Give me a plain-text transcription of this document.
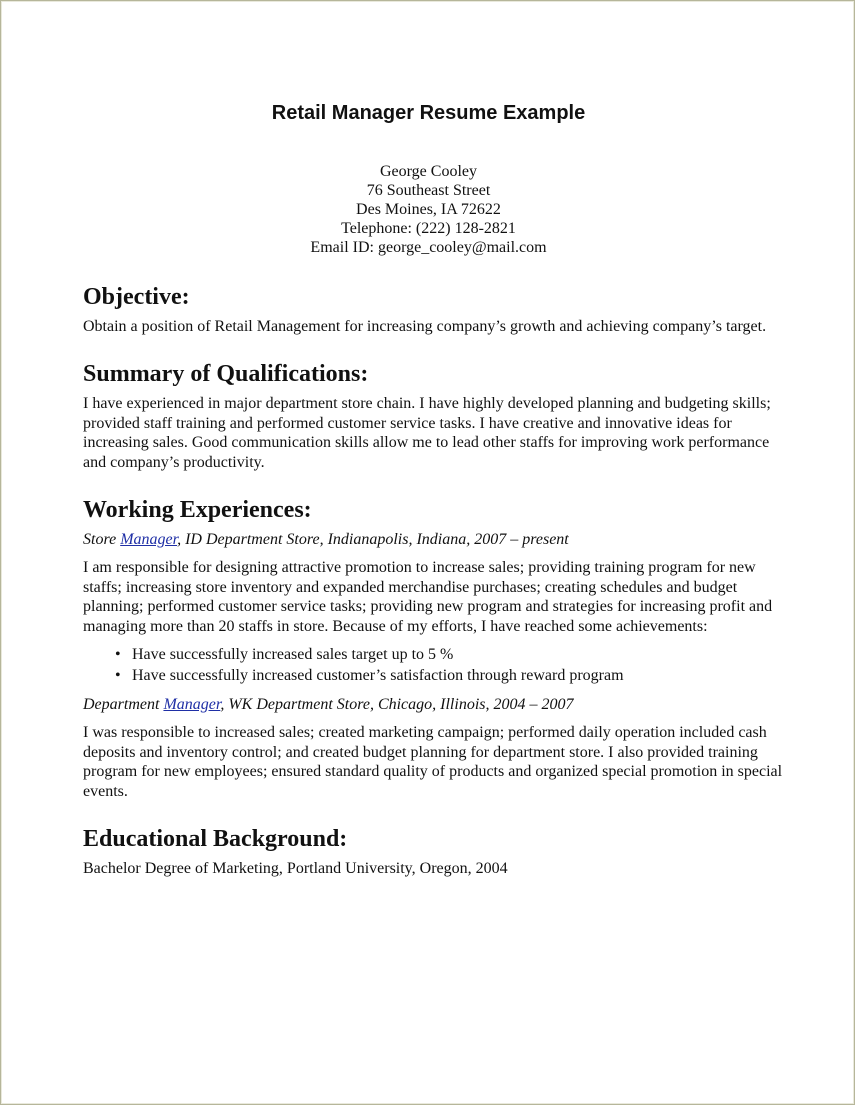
Retail Manager Resume Example
George Cooley
76 Southeast Street
Des Moines, IA 72622
Telephone: (222) 128-2821
Email ID: george_cooley@mail.com
Objective:

Obtain a position of Retail Management for increasing company’s growth and achieving company’s target.

Summary of Qualifications:

I have experienced in major department store chain. I have highly developed planning and budgeting skills; provided staff training and performed customer service tasks. I have creative and innovative ideas for increasing sales. Good communication skills allow me to lead other staffs for improving work performance and company’s productivity.

Working Experiences:

Store Manager, ID Department Store, Indianapolis, Indiana, 2007 – present

I am responsible for designing attractive promotion to increase sales; providing training program for new staffs; increasing store inventory and expanded merchandise purchases; creating schedules and budget planning; performed customer service tasks; providing new program and strategies for increasing profit and managing more than 20 staffs in store. Because of my efforts, I have reached some achievements:

• Have successfully increased sales target up to 5 %
• Have successfully increased customer’s satisfaction through reward program

Department Manager, WK Department Store, Chicago, Illinois, 2004 – 2007

I was responsible to increased sales; created marketing campaign; performed daily operation included cash deposits and inventory control; and created budget planning for department store. I also provided training program for new employees; ensured standard quality of products and organized special promotion in special events.

Educational Background:

Bachelor Degree of Marketing, Portland University, Oregon, 2004
